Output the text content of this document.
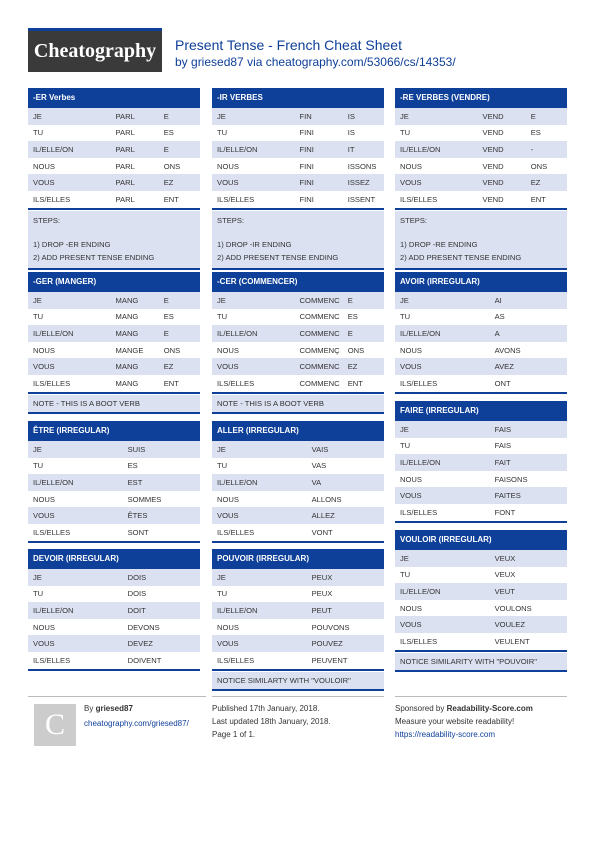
Cheatography	Present Tense - French Cheat Sheet
by griesed87 via cheatography.com/53066/cs/14353/
-ER Verbes
JE	PARL	E
TU	PARL	ES
IL/ELLE/ON	PARL	E
NOUS	PARL	ONS
VOUS	PARL	EZ
ILS/ELLES	PARL	ENT
STEPS:
1) DROP -ER ENDING
2) ADD PRESENT TENSE ENDING
-GER (MANGER)
JE	MANG	E
TU	MANG	ES
IL/ELLE/ON	MANG	E
NOUS	MANGE	ONS
VOUS	MANG	EZ
ILS/ELLES	MANG	ENT
NOTE - THIS IS A BOOT VERB
ÊTRE (IRREGULAR)
JE	SUIS
TU	ES
IL/ELLE/ON	EST
NOUS	SOMMES
VOUS	ÊTES
ILS/ELLES	SONT
DEVOIR (IRREGULAR)
JE	DOIS
TU	DOIS
IL/ELLE/ON	DOIT
NOUS	DEVONS
VOUS	DEVEZ
ILS/ELLES	DOIVENT
-IR VERBES
JE	FIN	IS
TU	FINI	IS
IL/ELLE/ON	FINI	IT
NOUS	FINI	ISSONS
VOUS	FINI	ISSEZ
ILS/ELLES	FINI	ISSENT
STEPS:
1) DROP -IR ENDING
2) ADD PRESENT TENSE ENDING
-CER (COMMENCER)
JE	COMMENC	E
TU	COMMENC	ES
IL/ELLE/ON	COMMENC	E
NOUS	COMMENÇ	ONS
VOUS	COMMENC	EZ
ILS/ELLES	COMMENC	ENT
NOTE - THIS IS A BOOT VERB
ALLER (IRREGULAR)
JE	VAIS
TU	VAS
IL/ELLE/ON	VA
NOUS	ALLONS
VOUS	ALLEZ
ILS/ELLES	VONT
POUVOIR (IRREGULAR)
JE	PEUX
TU	PEUX
IL/ELLE/ON	PEUT
NOUS	POUVONS
VOUS	POUVEZ
ILS/ELLES	PEUVENT
NOTICE SIMILARTY WITH "VOULOIR"
-RE VERBES (VENDRE)
JE	VEND	E
TU	VEND	ES
IL/ELLE/ON	VEND	-
NOUS	VEND	ONS
VOUS	VEND	EZ
ILS/ELLES	VEND	ENT
STEPS:
1) DROP -RE ENDING
2) ADD PRESENT TENSE ENDING
AVOIR (IRREGULAR)
JE	AI
TU	AS
IL/ELLE/ON	A
NOUS	AVONS
VOUS	AVEZ
ILS/ELLES	ONT
FAIRE (IRREGULAR)
JE	FAIS
TU	FAIS
IL/ELLE/ON	FAIT
NOUS	FAISONS
VOUS	FAITES
ILS/ELLES	FONT
VOULOIR (IRREGULAR)
JE	VEUX
TU	VEUX
IL/ELLE/ON	VEUT
NOUS	VOULONS
VOUS	VOULEZ
ILS/ELLES	VEULENT
NOTICE SIMILARITY WITH "POUVOIR"
C	By griesed87
cheatography.com/griesed87/
Published 17th January, 2018.
Last updated 18th January, 2018.
Page 1 of 1.
Sponsored by Readability-Score.com
Measure your website readability!
https://readability-score.com
